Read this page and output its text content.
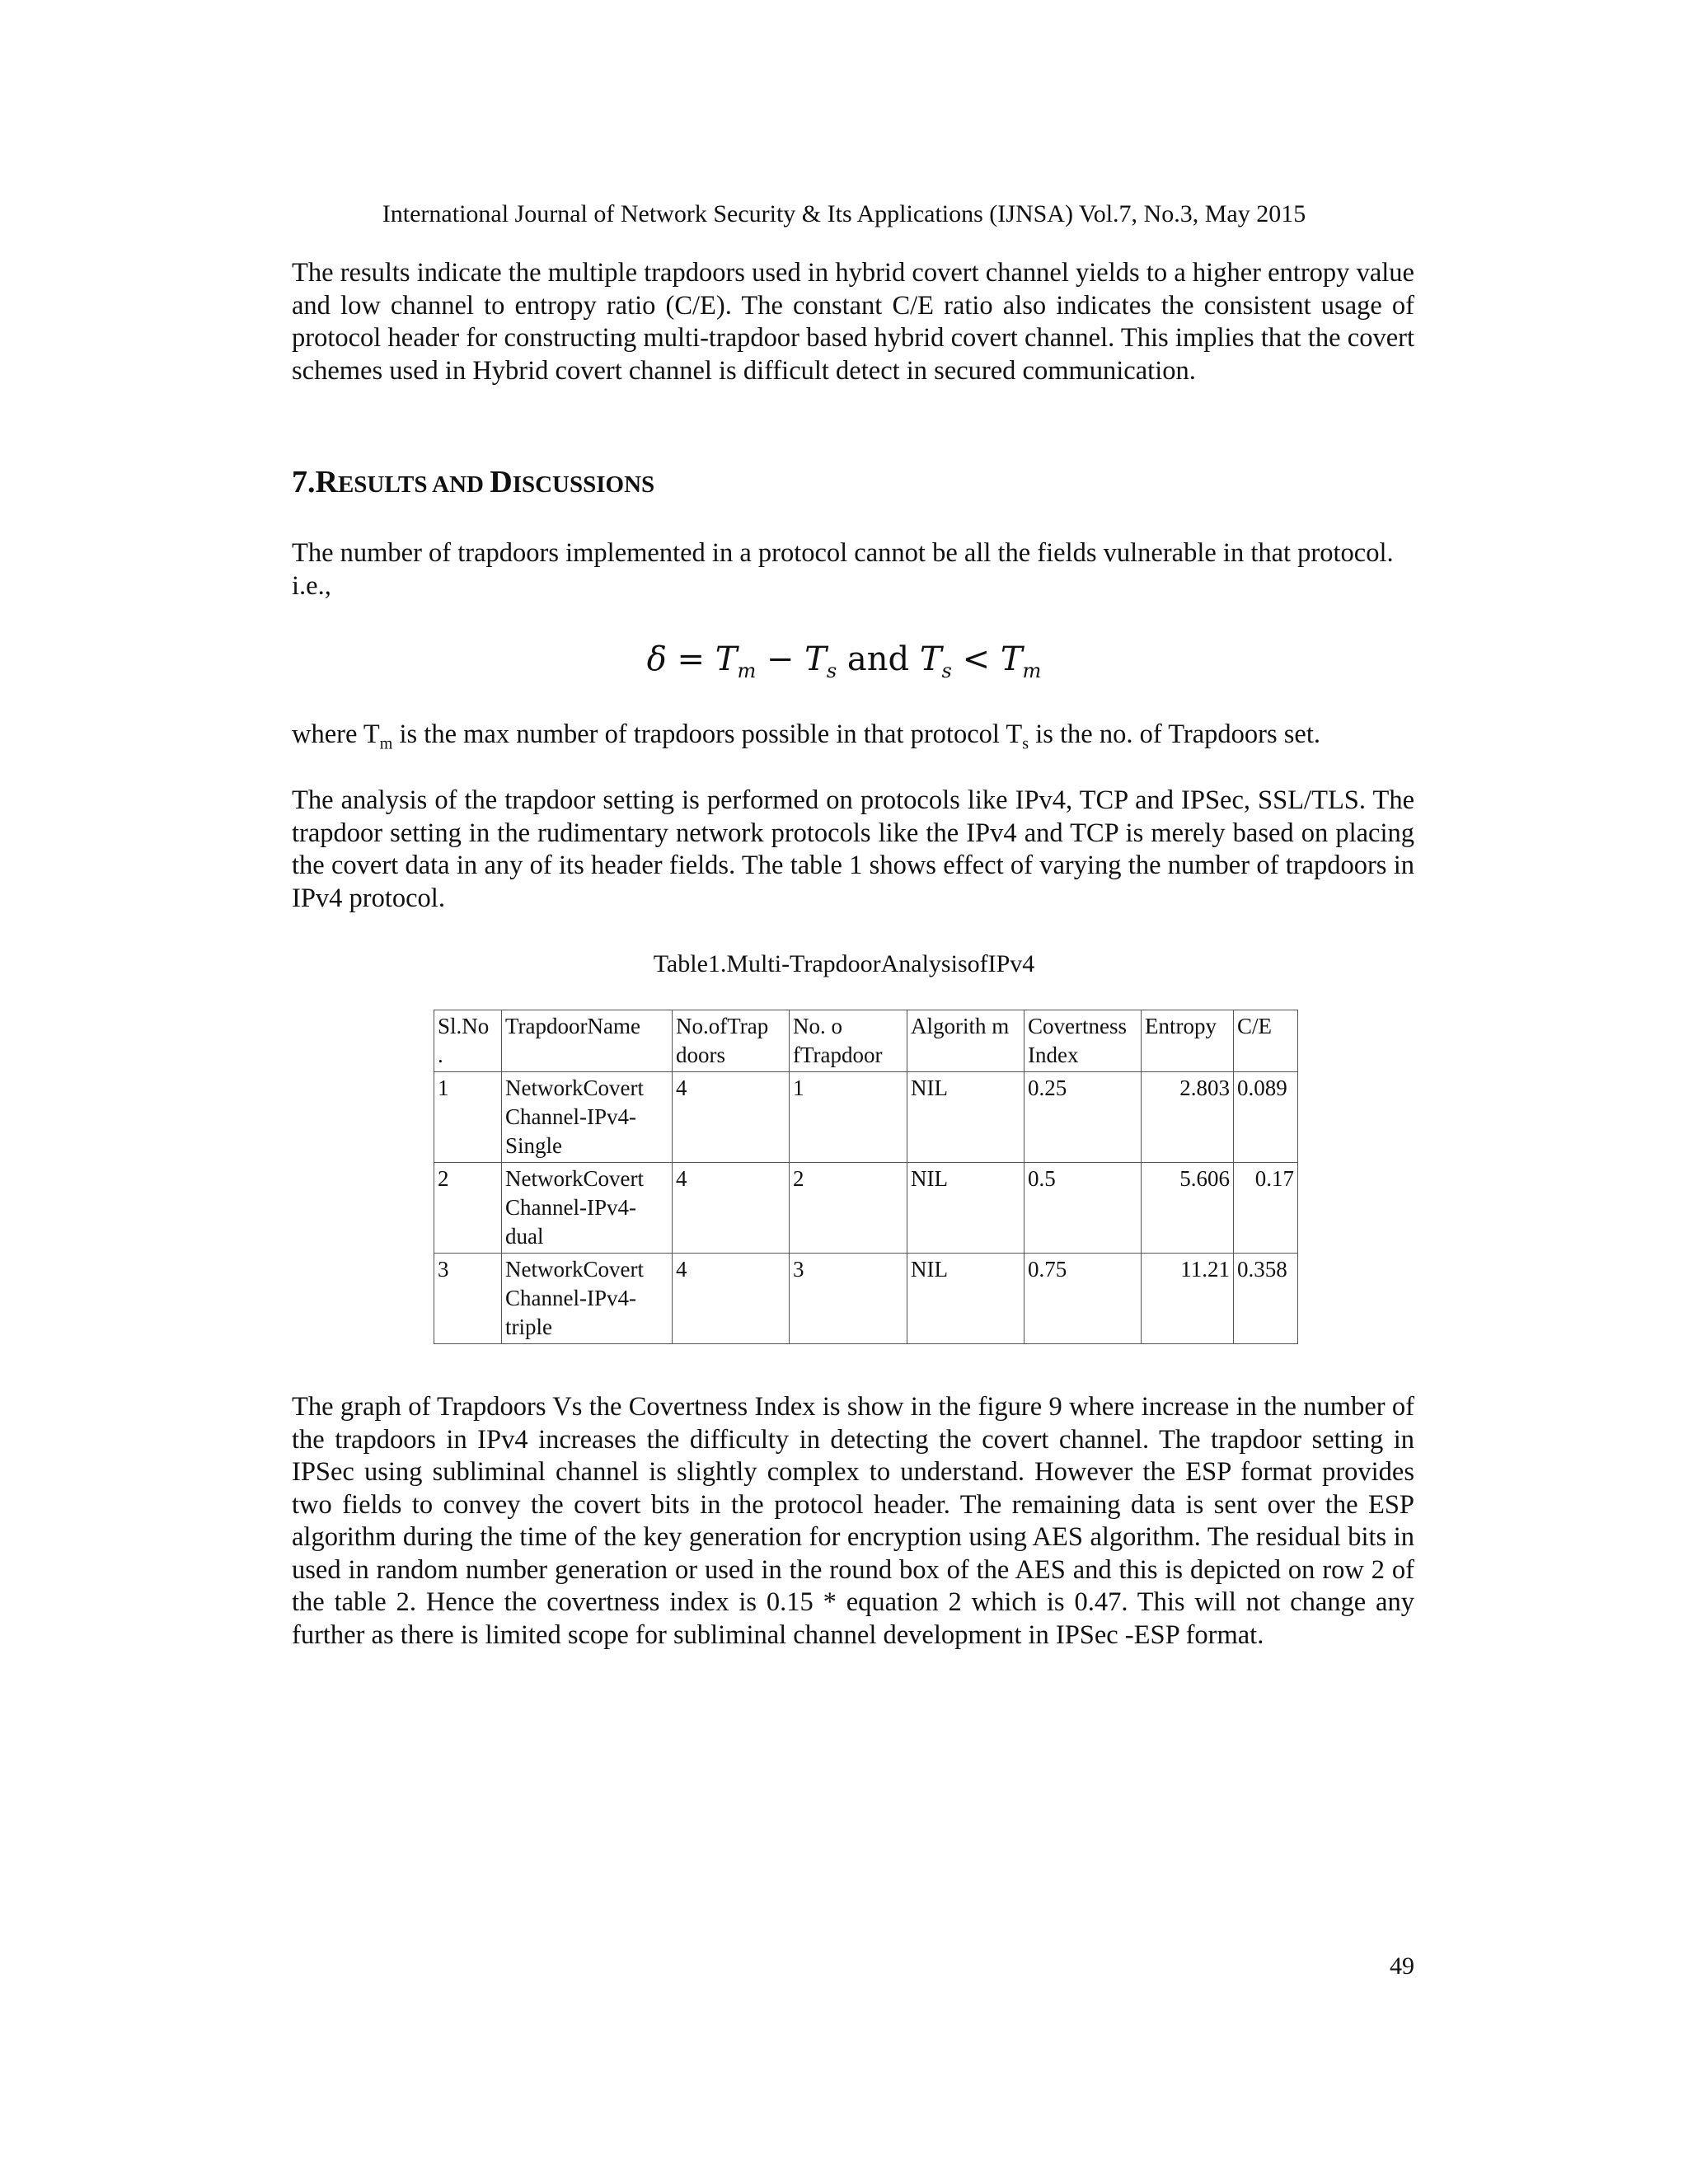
International Journal of Network Security & Its Applications (IJNSA) Vol.7, No.3, May 2015

The results indicate the multiple trapdoors used in hybrid covert channel yields to a higher entropy value and low channel to entropy ratio (C/E). The constant C/E ratio also indicates the consistent usage of protocol header for constructing multi-trapdoor based hybrid covert channel. This implies that the covert schemes used in Hybrid covert channel is difficult detect in secured communication.

7.RESULTS AND DISCUSSIONS

The number of trapdoors implemented in a protocol cannot be all the fields vulnerable in that protocol. i.e.,

$\delta = T_m - T_s$ and $T_s < T_m$

where $T_m$ is the max number of trapdoors possible in that protocol $T_s$ is the no. of Trapdoors set.

The analysis of the trapdoor setting is performed on protocols like IPv4, TCP and IPSec, SSL/TLS. The trapdoor setting in the rudimentary network protocols like the IPv4 and TCP is merely based on placing the covert data in any of its header fields. The table 1 shows effect of varying the number of trapdoors in IPv4 protocol.

Table1.Multi-TrapdoorAnalysisofIPv4
Sl.No .	TrapdoorName	No.ofTrap doors	No. o fTrapdoor	Algorith m	Covertness Index	Entropy	C/E
1	NetworkCovert Channel-IPv4-Single	4	1	NIL	0.25	2.803	0.089
2	NetworkCovert Channel-IPv4-dual	4	2	NIL	0.5	5.606	0.17
3	NetworkCovert Channel-IPv4-triple	4	3	NIL	0.75	11.21	0.358

The graph of Trapdoors Vs the Covertness Index is show in the figure 9 where increase in the number of the trapdoors in IPv4 increases the difficulty in detecting the covert channel. The trapdoor setting in IPSec using subliminal channel is slightly complex to understand. However the ESP format provides two fields to convey the covert bits in the protocol header. The remaining data is sent over the ESP algorithm during the time of the key generation for encryption using AES algorithm. The residual bits in used in random number generation or used in the round box of the AES and this is depicted on row 2 of the table 2. Hence the covertness index is 0.15 * equation 2 which is 0.47. This will not change any further as there is limited scope for subliminal channel development in IPSec -ESP format.

49
